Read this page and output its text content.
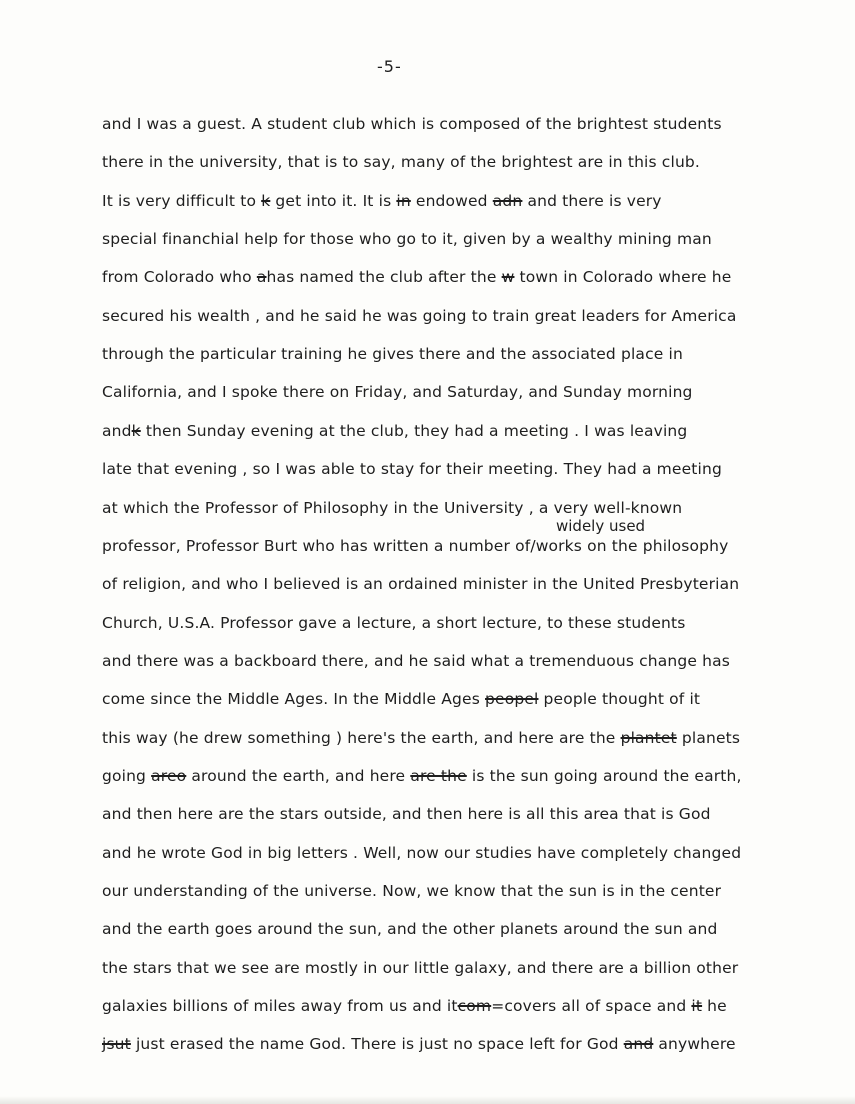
-5-
widely used
and I was a guest. A student club which is composed of the brightest students
there in the university, that is to say, many of the brightest are in this club.
It is very difficult to k get into it. It is in endowed adn and there is very
special financhial help for those who go to it, given by a wealthy mining man
from Colorado who ahas named the club after the w town in Colorado where he
secured his wealth , and he said he was going to train great leaders for America
through the particular training he gives there and the associated place in
California, and I spoke there on Friday, and Saturday, and Sunday morning
andk then Sunday evening at the club, they had a meeting . I was leaving
late that evening , so I was able to stay for their meeting. They had a meeting
at which the Professor of Philosophy in the University , a very well-known
professor, Professor Burt who has written a number of/works on the philosophy
of religion, and who I believed is an ordained minister in the United Presbyterian
Church, U.S.A. Professor gave a lecture, a short lecture, to these students
and there was a backboard there, and he said what a tremenduous change has
come since the Middle Ages. In the Middle Ages peopel people thought of it
this way (he drew something ) here's the earth, and here are the plantet planets
going areo around the earth, and here are the is the sun going around the earth,
and then here are the stars outside, and then here is all this area that is God
and he wrote God in big letters . Well, now our studies have completely changed
our understanding of the universe. Now, we know that the sun is in the center
and the earth goes around the sun, and the other planets around the sun and
the stars that we see are mostly in our little galaxy, and there are a billion other
galaxies billions of miles away from us and itcom=covers all of space and it he
jsut just erased the name God. There is just no space left for God and anywhere
